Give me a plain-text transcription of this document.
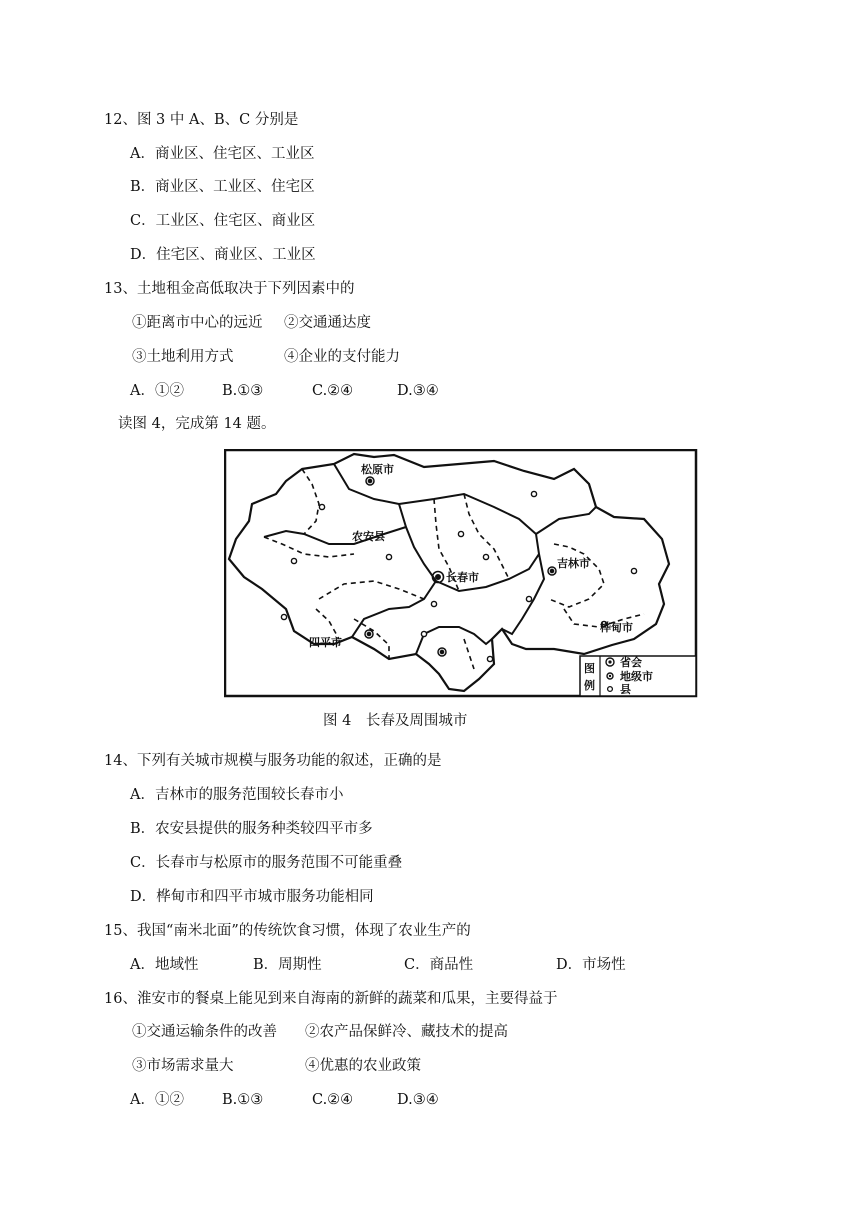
12、图 3 中 A、B、C 分别是
A．商业区、住宅区、工业区
B．商业区、工业区、住宅区
C．工业区、住宅区、商业区
D．住宅区、商业区、工业区
13、土地租金高低取决于下列因素中的
①距离市中心的远近 ②交通通达度
③土地利用方式	④企业的支付能力
A．①②	B.①③	C.②④	D.③④
读图 4，完成第 14 题。
松原市
农安县
长春市
吉林市
桦甸市
四平市
图
例
省会
地级市
县
图 4　长春及周围城市
14、下列有关城市规模与服务功能的叙述，正确的是
A．吉林市的服务范围较长春市小
B．农安县提供的服务种类较四平市多
C．长春市与松原市的服务范围不可能重叠
D．桦甸市和四平市城市服务功能相同
15、我国“南米北面”的传统饮食习惯，体现了农业生产的
A．地域性	B．周期性	C．商品性	D．市场性
16、淮安市的餐桌上能见到来自海南的新鲜的蔬菜和瓜果，主要得益于
①交通运输条件的改善 ②农产品保鲜冷、藏技术的提高
③市场需求量大	④优惠的农业政策
A．①②	B.①③	C.②④	D.③④
